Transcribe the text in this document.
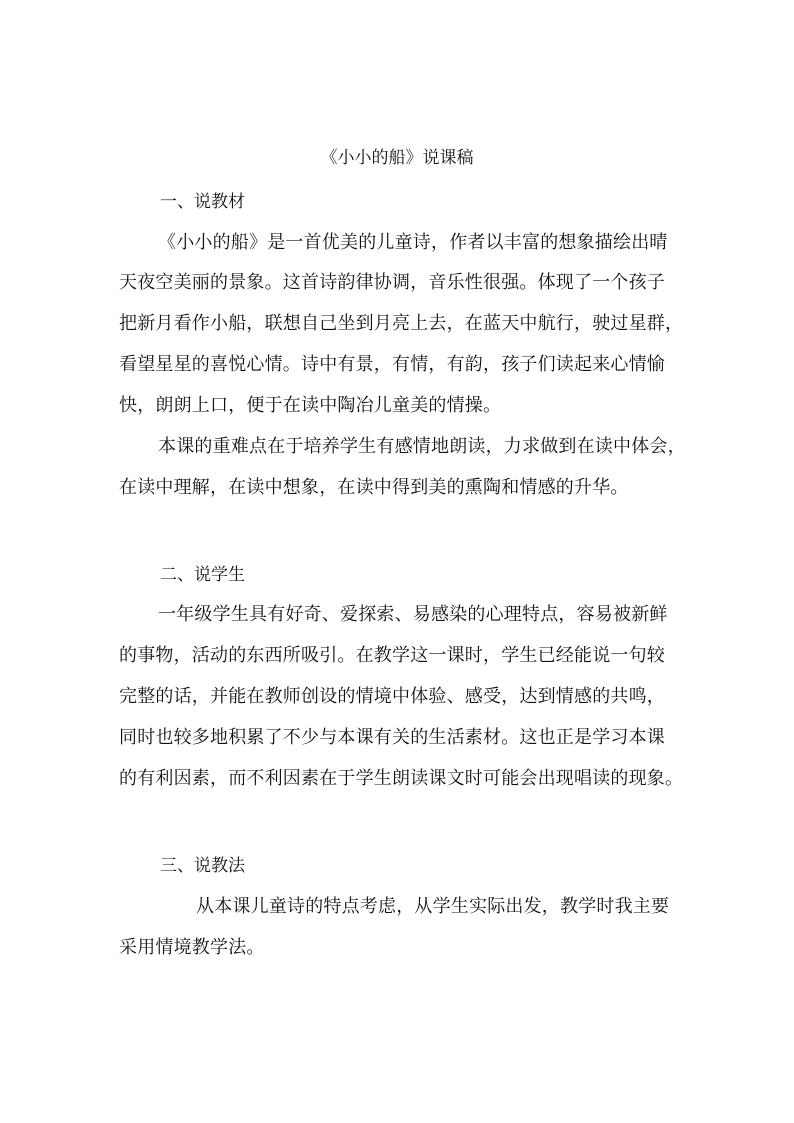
《小小的船》说课稿
一、说教材
《小小的船》是一首优美的儿童诗，作者以丰富的想象描绘出晴
天夜空美丽的景象。这首诗韵律协调，音乐性很强。体现了一个孩子
把新月看作小船，联想自己坐到月亮上去，在蓝天中航行，驶过星群，
看望星星的喜悦心情。诗中有景，有情，有韵，孩子们读起来心情愉
快，朗朗上口，便于在读中陶冶儿童美的情操。
本课的重难点在于培养学生有感情地朗读，力求做到在读中体会，
在读中理解，在读中想象，在读中得到美的熏陶和情感的升华。
二、说学生
一年级学生具有好奇、爱探索、易感染的心理特点，容易被新鲜
的事物，活动的东西所吸引。在教学这一课时，学生已经能说一句较
完整的话，并能在教师创设的情境中体验、感受，达到情感的共鸣，
同时也较多地积累了不少与本课有关的生活素材。这也正是学习本课
的有利因素，而不利因素在于学生朗读课文时可能会出现唱读的现象。
三、说教法
从本课儿童诗的特点考虑，从学生实际出发，教学时我主要
采用情境教学法。
